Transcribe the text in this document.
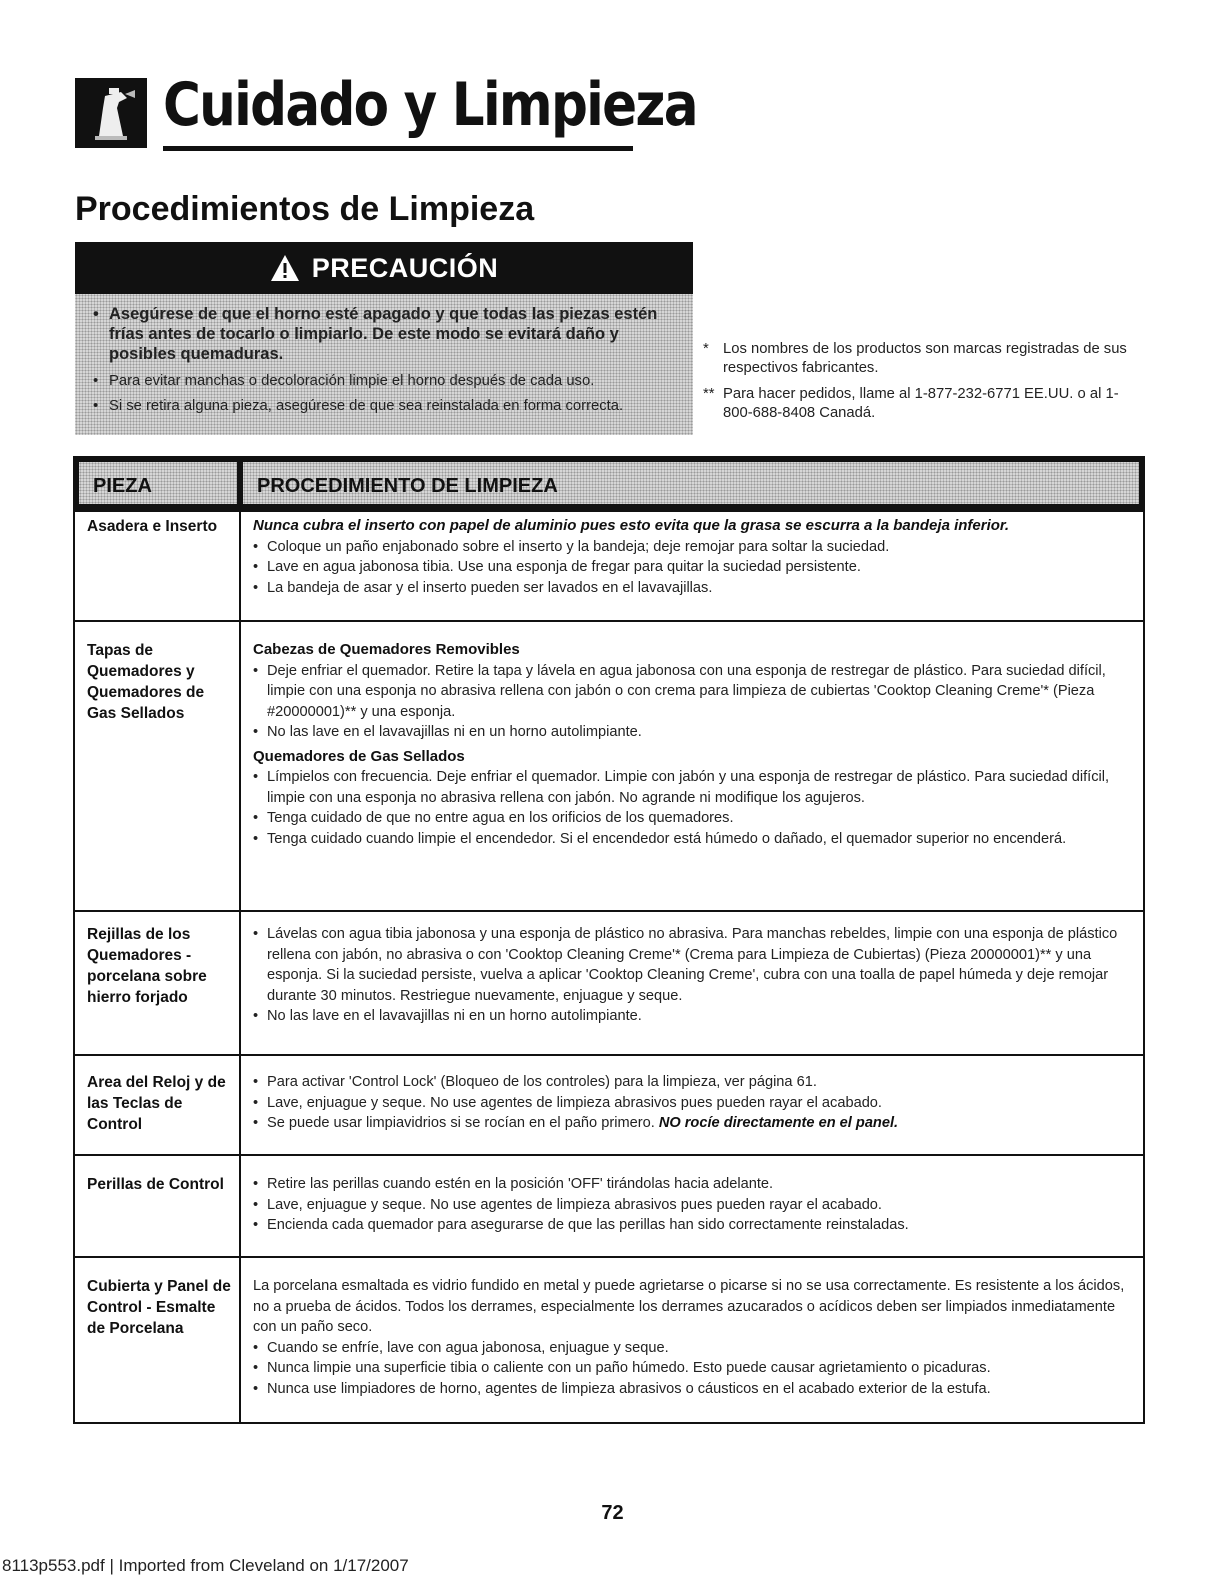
Cuidado y Limpieza
Procedimientos de Limpieza
PRECAUCIÓN
• Asegúrese de que el horno esté apagado y que todas las piezas estén frías antes de tocarlo o limpiarlo. De este modo se evitará daño y posibles quemaduras.
• Para evitar manchas o decoloración limpie el horno después de cada uso.
• Si se retira alguna pieza, asegúrese de que sea reinstalada en forma correcta.
* Los nombres de los productos son marcas registradas de sus respectivos fabricantes.
** Para hacer pedidos, llame al 1-877-232-6771 EE.UU. o al 1-800-688-8408 Canadá.
PIEZA	PROCEDIMIENTO DE LIMPIEZA
Asadera e Inserto	Nunca cubra el inserto con papel de aluminio pues esto evita que la grasa se escurra a la bandeja inferior.
• Coloque un paño enjabonado sobre el inserto y la bandeja; deje remojar para soltar la suciedad.
• Lave en agua jabonosa tibia. Use una esponja de fregar para quitar la suciedad persistente.
• La bandeja de asar y el inserto pueden ser lavados en el lavavajillas.
Tapas de Quemadores y Quemadores de Gas Sellados
Cabezas de Quemadores Removibles
• Deje enfriar el quemador. Retire la tapa y lávela en agua jabonosa con una esponja de restregar de plástico. Para suciedad difícil, limpie con una esponja no abrasiva rellena con jabón o con crema para limpieza de cubiertas 'Cooktop Cleaning Creme'* (Pieza #20000001)** y una esponja.
• No las lave en el lavavajillas ni en un horno autolimpiante.
Quemadores de Gas Sellados
• Límpielos con frecuencia. Deje enfriar el quemador. Limpie con jabón y una esponja de restregar de plástico. Para suciedad difícil, limpie con una esponja no abrasiva rellena con jabón. No agrande ni modifique los agujeros.
• Tenga cuidado de que no entre agua en los orificios de los quemadores.
• Tenga cuidado cuando limpie el encendedor. Si el encendedor está húmedo o dañado, el quemador superior no encenderá.
Rejillas de los Quemadores - porcelana sobre hierro forjado
• Lávelas con agua tibia jabonosa y una esponja de plástico no abrasiva. Para manchas rebeldes, limpie con una esponja de plástico rellena con jabón, no abrasiva o con 'Cooktop Cleaning Creme'* (Crema para Limpieza de Cubiertas) (Pieza 20000001)** y una esponja. Si la suciedad persiste, vuelva a aplicar 'Cooktop Cleaning Creme', cubra con una toalla de papel húmeda y deje remojar durante 30 minutos. Restriegue nuevamente, enjuague y seque.
• No las lave en el lavavajillas ni en un horno autolimpiante.
Area del Reloj y de las Teclas de Control
• Para activar 'Control Lock' (Bloqueo de los controles) para la limpieza, ver página 61.
• Lave, enjuague y seque. No use agentes de limpieza abrasivos pues pueden rayar el acabado.
• Se puede usar limpiavidrios si se rocían en el paño primero. NO rocíe directamente en el panel.
Perillas de Control
•	Retire las perillas cuando estén en la posición 'OFF' tirándolas hacia adelante.
• Lave, enjuague y seque. No use agentes de limpieza abrasivos pues pueden rayar el acabado.
• Encienda cada quemador para asegurarse de que las perillas han sido correctamente reinstaladas.
Cubierta y Panel de Control - Esmalte de Porcelana
La porcelana esmaltada es vidrio fundido en metal y puede agrietarse o picarse si no se usa correctamente. Es resistente a los ácidos, no a prueba de ácidos. Todos los derrames, especialmente los derrames azucarados o acídicos deben ser limpiados inmediatamente con un paño seco.
• Cuando se enfríe, lave con agua jabonosa, enjuague y seque.
• Nunca limpie una superficie tibia o caliente con un paño húmedo. Esto puede causar agrietamiento o picaduras.
• Nunca use limpiadores de horno, agentes de limpieza abrasivos o cáusticos en el acabado exterior de la estufa.
72
8113p553.pdf | Imported from Cleveland on 1/17/2007
